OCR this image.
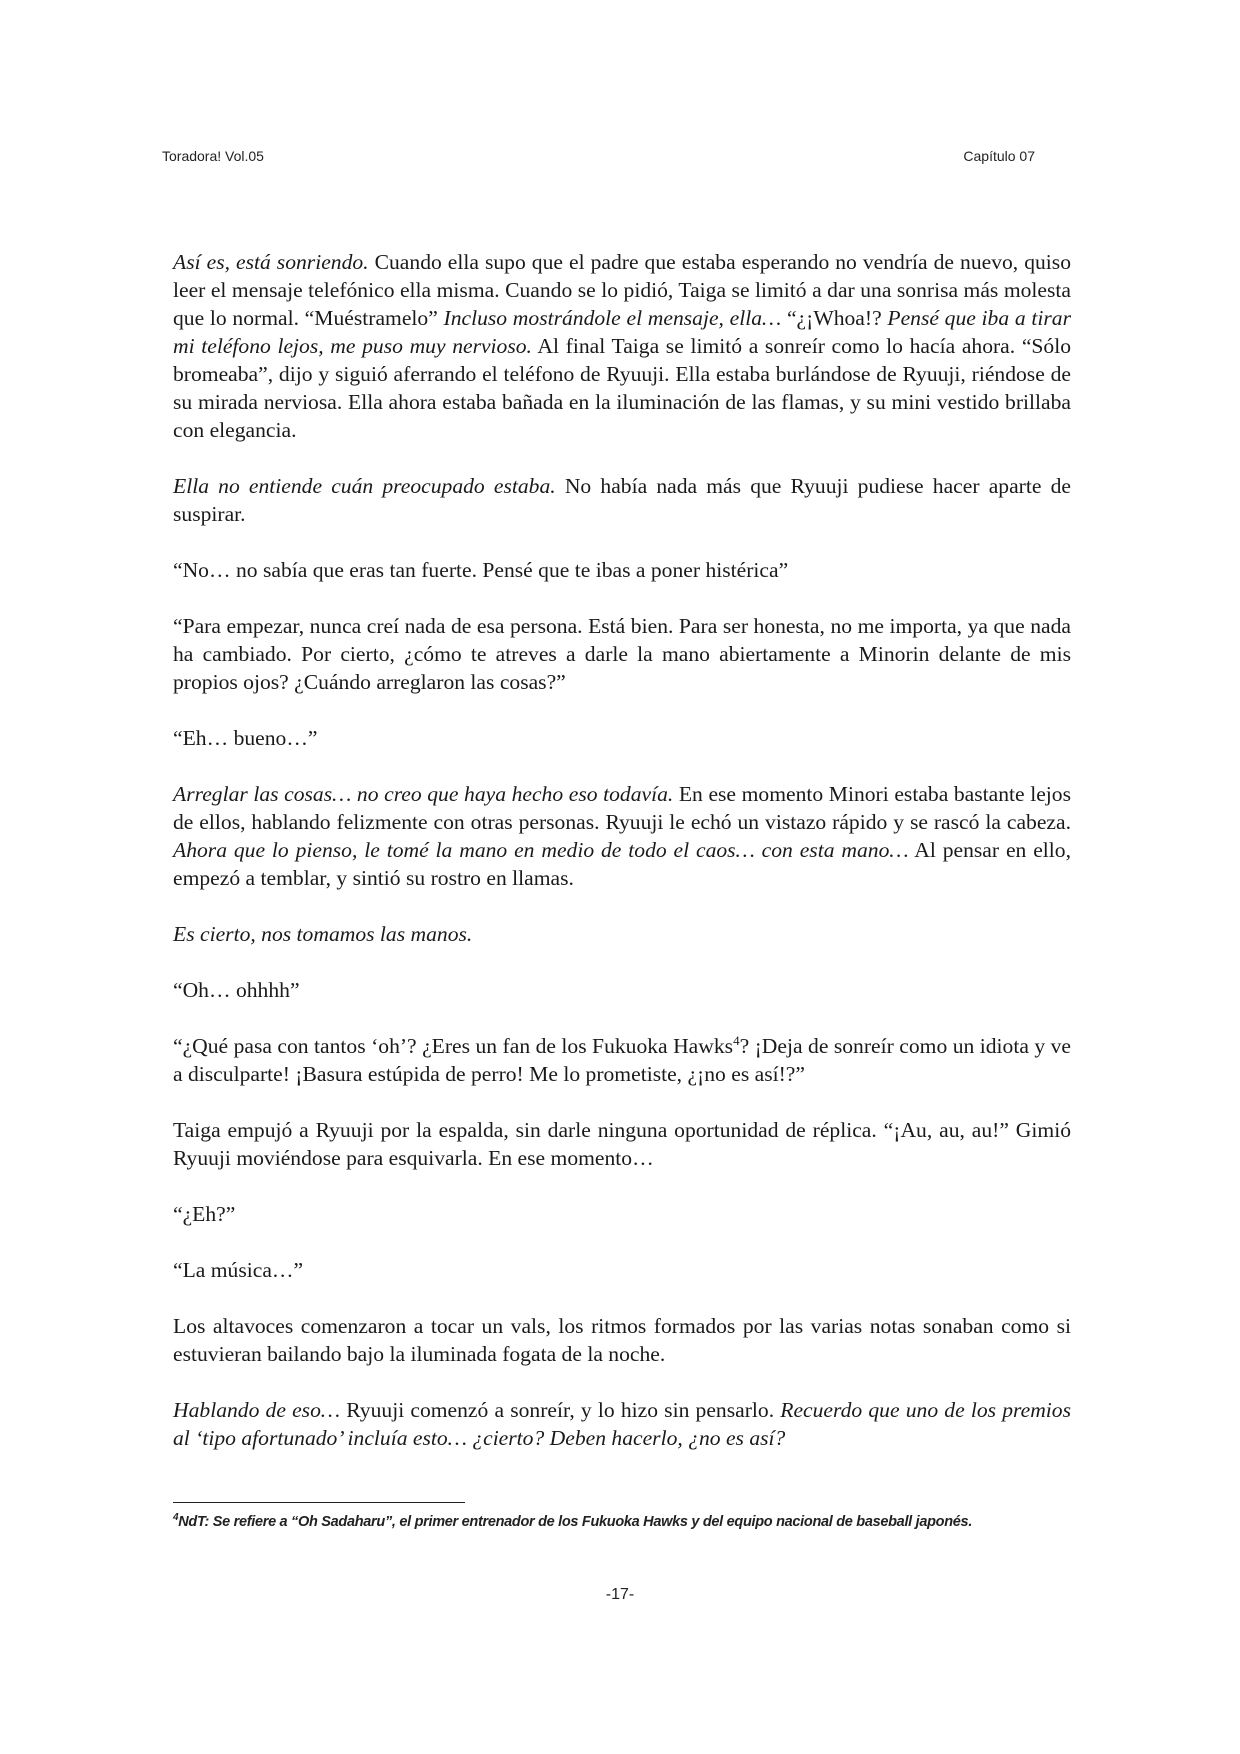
Toradora! Vol.05	Capítulo 07

Así es, está sonriendo. Cuando ella supo que el padre que estaba esperando no vendría de nuevo, quiso leer el mensaje telefónico ella misma. Cuando se lo pidió, Taiga se limitó a dar una sonrisa más molesta que lo normal. “Muéstramelo” Incluso mostrándole el mensaje, ella… “¿¡Whoa!? Pensé que iba a tirar mi teléfono lejos, me puso muy nervioso. Al final Taiga se limitó a sonreír como lo hacía ahora. “Sólo bromeaba”, dijo y siguió aferrando el teléfono de Ryuuji. Ella estaba burlándose de Ryuuji, riéndose de su mirada nerviosa. Ella ahora estaba bañada en la iluminación de las flamas, y su mini vestido brillaba con elegancia.

Ella no entiende cuán preocupado estaba. No había nada más que Ryuuji pudiese hacer aparte de suspirar.

“No… no sabía que eras tan fuerte. Pensé que te ibas a poner histérica”

“Para empezar, nunca creí nada de esa persona. Está bien. Para ser honesta, no me importa, ya que nada ha cambiado. Por cierto, ¿cómo te atreves a darle la mano abiertamente a Minorin delante de mis propios ojos? ¿Cuándo arreglaron las cosas?”

“Eh… bueno…”

Arreglar las cosas… no creo que haya hecho eso todavía. En ese momento Minori estaba bastante lejos de ellos, hablando felizmente con otras personas. Ryuuji le echó un vistazo rápido y se rascó la cabeza. Ahora que lo pienso, le tomé la mano en medio de todo el caos… con esta mano… Al pensar en ello, empezó a temblar, y sintió su rostro en llamas.

Es cierto, nos tomamos las manos.

“Oh… ohhhh”

“¿Qué pasa con tantos ‘oh’? ¿Eres un fan de los Fukuoka Hawks$^4$? ¡Deja de sonreír como un idiota y ve a disculparte! ¡Basura estúpida de perro! Me lo prometiste, ¿¡no es así!?”

Taiga empujó a Ryuuji por la espalda, sin darle ninguna oportunidad de réplica. “¡Au, au, au!” Gimió Ryuuji moviéndose para esquivarla. En ese momento…

“¿Eh?”

“La música…”

Los altavoces comenzaron a tocar un vals, los ritmos formados por las varias notas sonaban como si estuvieran bailando bajo la iluminada fogata de la noche.

Hablando de eso… Ryuuji comenzó a sonreír, y lo hizo sin pensarlo. Recuerdo que uno de los premios al ‘tipo afortunado’ incluía esto… ¿cierto? Deben hacerlo, ¿no es así?

$^4$NdT: Se refiere a “Oh Sadaharu”, el primer entrenador de los Fukuoka Hawks y del equipo nacional de baseball japonés.
-17-
